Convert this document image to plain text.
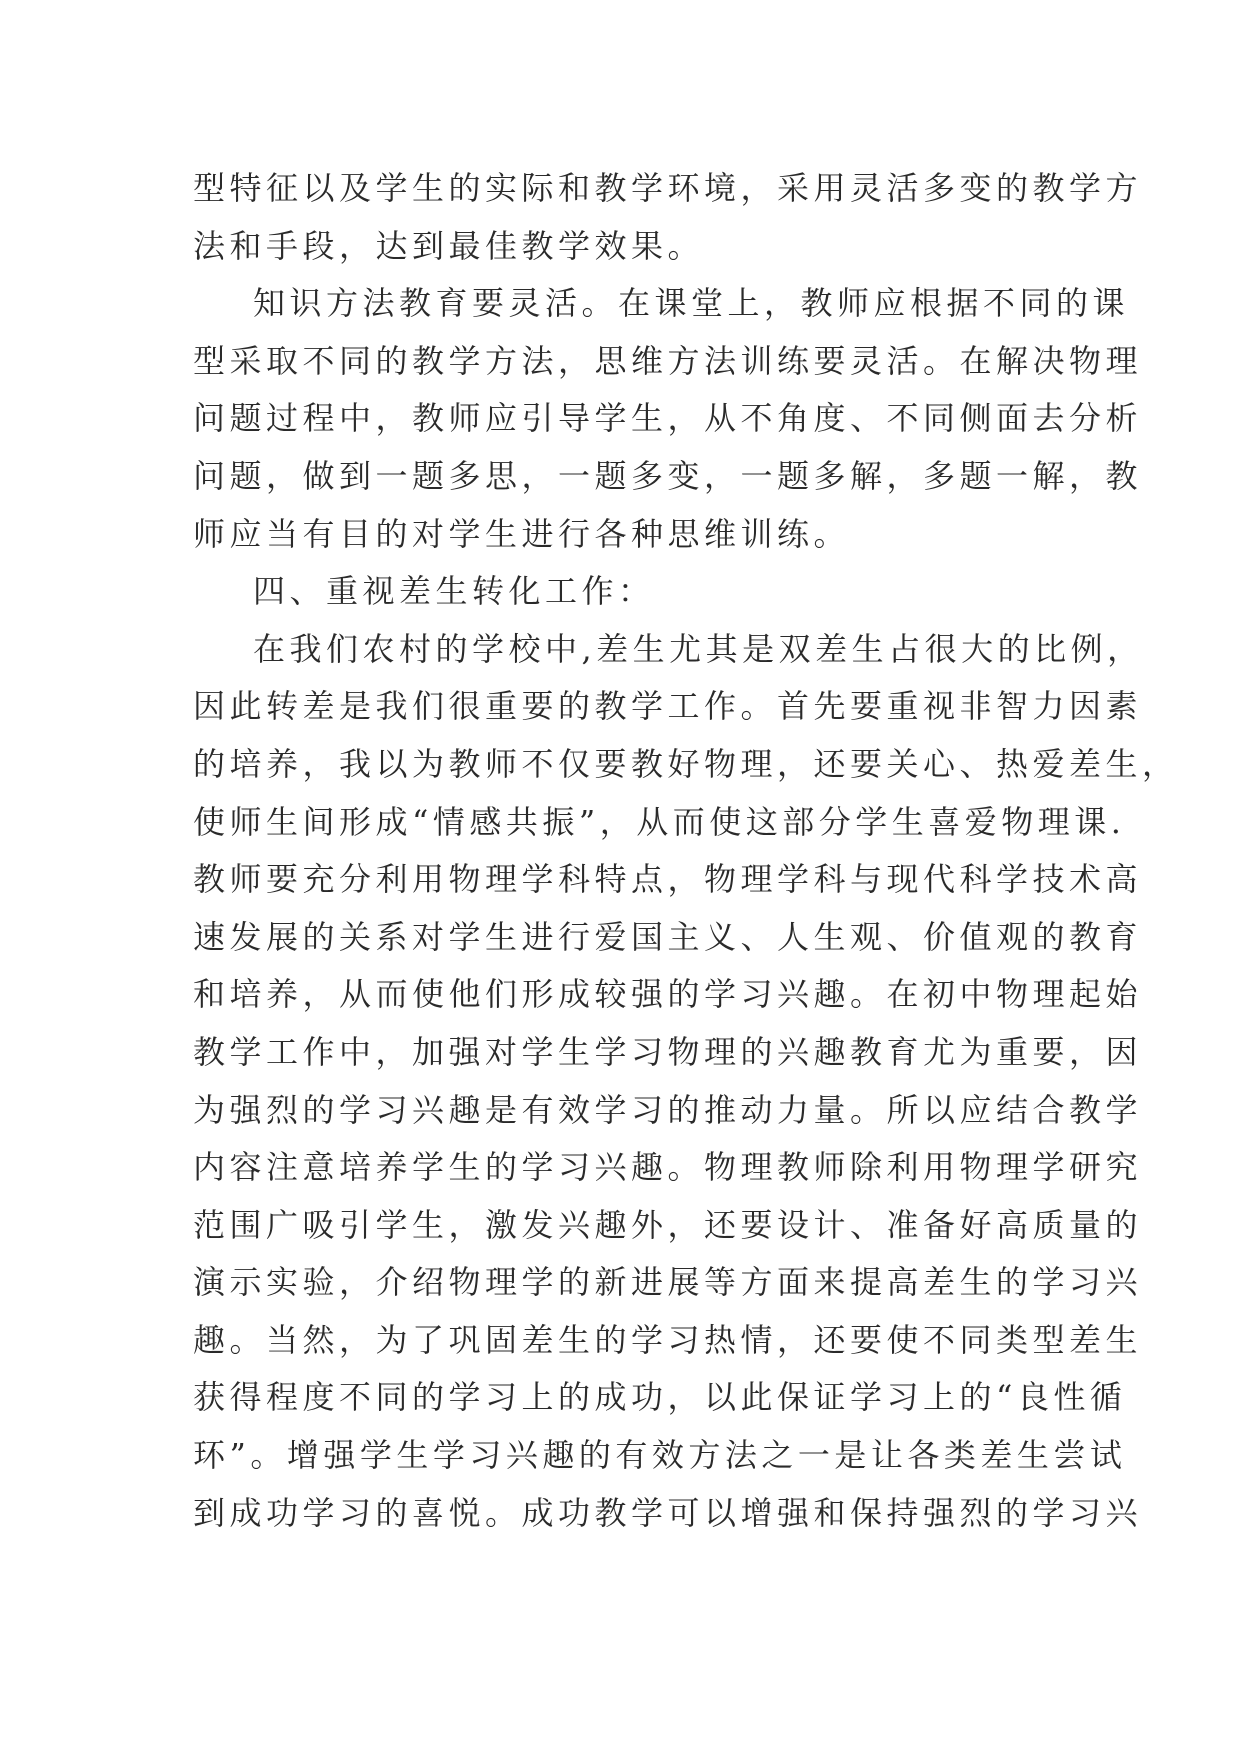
型特征以及学生的实际和教学环境，采用灵活多变的教学方
法和手段，达到最佳教学效果。
知识方法教育要灵活。在课堂上，教师应根据不同的课
型采取不同的教学方法，思维方法训练要灵活。在解决物理
问题过程中，教师应引导学生，从不角度、不同侧面去分析
问题，做到一题多思，一题多变，一题多解，多题一解，教
师应当有目的对学生进行各种思维训练。
四、重视差生转化工作：
在我们农村的学校中,差生尤其是双差生占很大的比例，
因此转差是我们很重要的教学工作。首先要重视非智力因素
的培养，我以为教师不仅要教好物理，还要关心、热爱差生，
使师生间形成“情感共振”，从而使这部分学生喜爱物理课.
教师要充分利用物理学科特点，物理学科与现代科学技术高
速发展的关系对学生进行爱国主义、人生观、价值观的教育
和培养，从而使他们形成较强的学习兴趣。在初中物理起始
教学工作中，加强对学生学习物理的兴趣教育尤为重要，因
为强烈的学习兴趣是有效学习的推动力量。所以应结合教学
内容注意培养学生的学习兴趣。物理教师除利用物理学研究
范围广吸引学生，激发兴趣外，还要设计、准备好高质量的
演示实验，介绍物理学的新进展等方面来提高差生的学习兴
趣。当然，为了巩固差生的学习热情，还要使不同类型差生
获得程度不同的学习上的成功，以此保证学习上的“良性循
环”。增强学生学习兴趣的有效方法之一是让各类差生尝试
到成功学习的喜悦。成功教学可以增强和保持强烈的学习兴
